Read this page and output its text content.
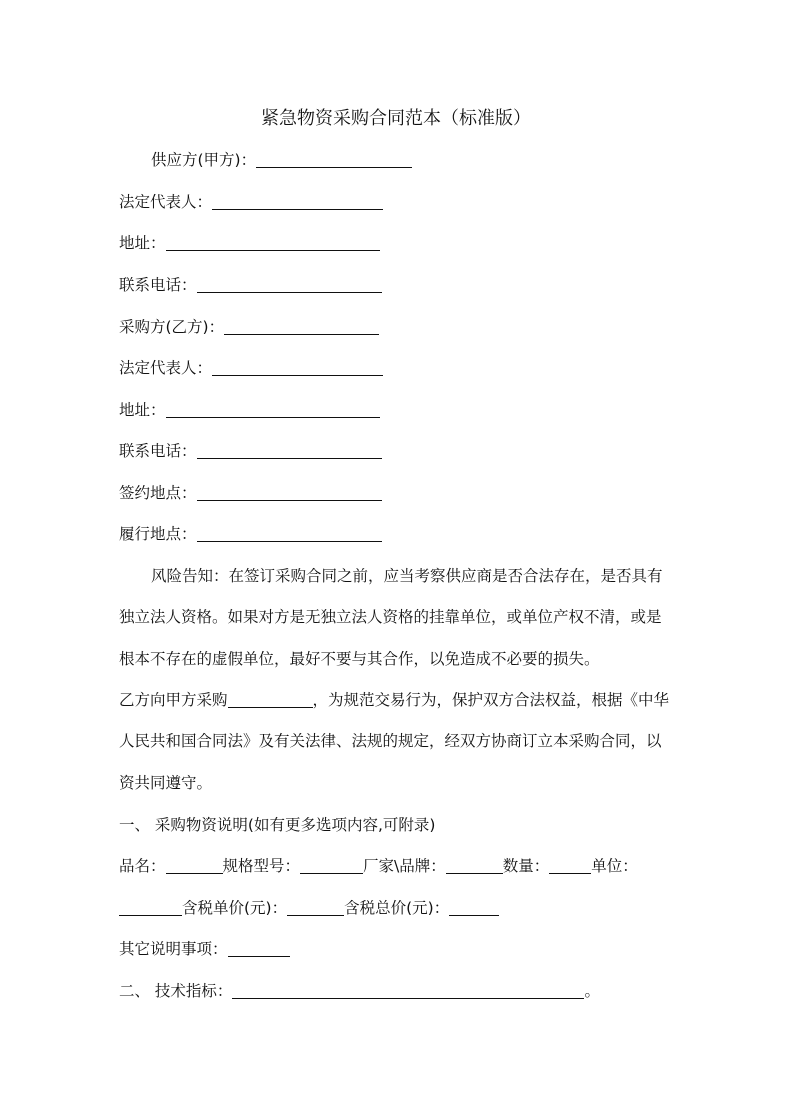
紧急物资采购合同范本（标准版）
供应方(甲方)：
法定代表人：
地址：
联系电话：
采购方(乙方)：
法定代表人：
地址：
联系电话：
签约地点：
履行地点：
风险告知：在签订采购合同之前，应当考察供应商是否合法存在，是否具有
独立法人资格。如果对方是无独立法人资格的挂靠单位，或单位产权不清，或是
根本不存在的虚假单位，最好不要与其合作，以免造成不必要的损失。
乙方向甲方采购	，为规范交易行为，保护双方合法权益，根据《中华
人民共和国合同法》及有关法律、法规的规定，经双方协商订立本采购合同，以
资共同遵守。
一、 采购物资说明(如有更多选项内容,可附录)
品名：	规格型号：	厂家\品牌：	数量：	单位：
含税单价(元)：	含税总价(元)：
其它说明事项：
二、 技术指标：	。
